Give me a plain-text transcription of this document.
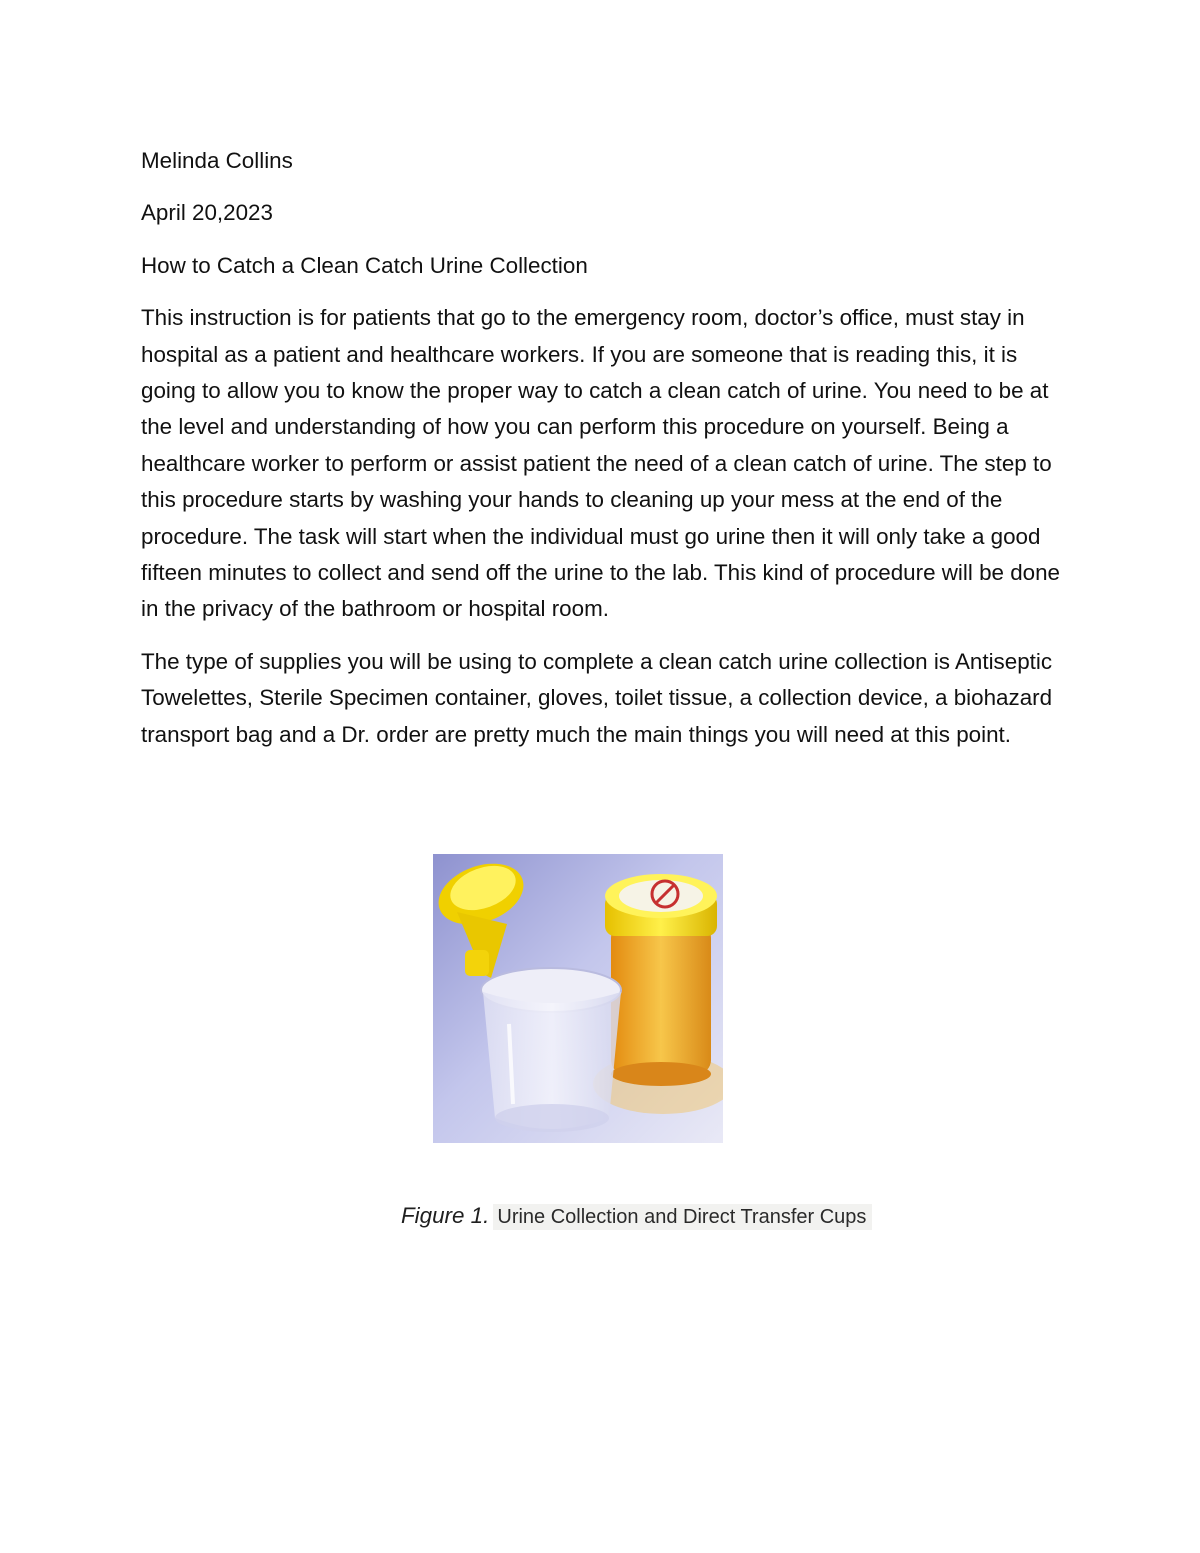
Melinda Collins

April 20,2023

How to Catch a Clean Catch Urine Collection

This instruction is for patients that go to the emergency room, doctor’s office, must stay in hospital as a patient and healthcare workers. If you are someone that is reading this, it is going to allow you to know the proper way to catch a clean catch of urine. You need to be at the level and understanding of how you can perform this procedure on yourself. Being a healthcare worker to perform or assist patient the need of a clean catch of urine. The step to this procedure starts by washing your hands to cleaning up your mess at the end of the procedure. The task will start when the individual must go urine then it will only take a good fifteen minutes to collect and send off the urine to the lab. This kind of procedure will be done in the privacy of the bathroom or hospital room.

The type of supplies you will be using to complete a clean catch urine collection is Antiseptic Towelettes, Sterile Specimen container, gloves, toilet tissue, a collection device, a biohazard transport bag and a Dr. order are pretty much the main things you will need at this point.

Figure 1. Urine Collection and Direct Transfer Cups
